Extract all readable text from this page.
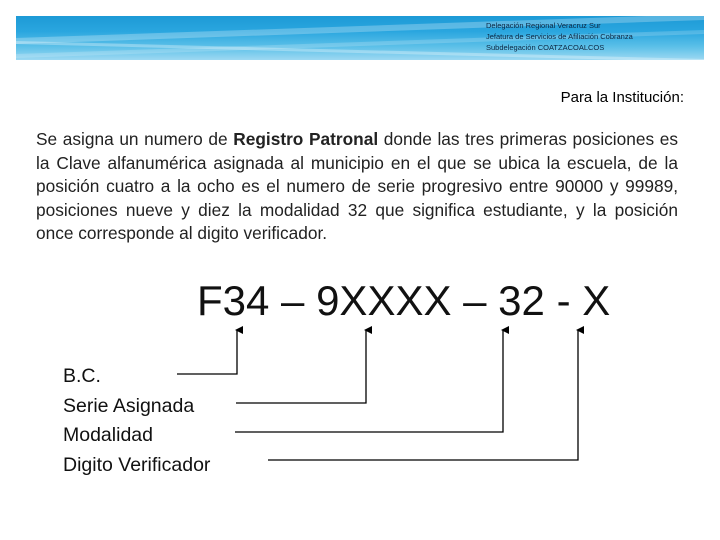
Delegación Regional Veracruz Sur
Jefatura de Servicios de Afiliación Cobranza
Subdelegación COATZACOALCOS
Para la Institución:
Se asigna un numero de Registro Patronal donde las tres primeras posiciones es la Clave alfanumérica asignada al municipio en el que se ubica la escuela, de la posición cuatro a la ocho es el numero de serie progresivo entre 90000 y 99989, posiciones nueve y diez la modalidad 32 que significa estudiante, y la posición once corresponde al digito verificador.
F34 – 9XXXX – 32 - X
B.C.
Serie Asignada
Modalidad
Digito Verificador
